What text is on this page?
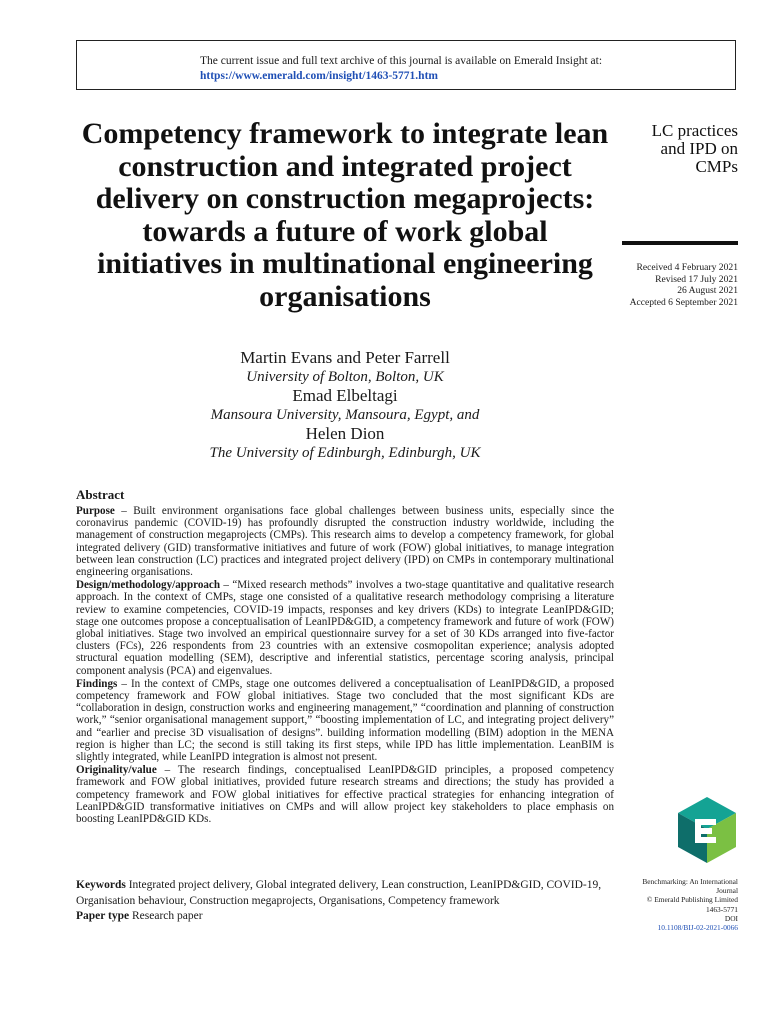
The current issue and full text archive of this journal is available on Emerald Insight at:
https://www.emerald.com/insight/1463-5771.htm
Competency framework to integrate lean construction and integrated project delivery on construction megaprojects: towards a future of work global initiatives in multinational engineering organisations
LC practices
and IPD on
CMPs
Received 4 February 2021
Revised 17 July 2021
26 August 2021
Accepted 6 September 2021
Martin Evans and Peter Farrell
University of Bolton, Bolton, UK
Emad Elbeltagi
Mansoura University, Mansoura, Egypt, and
Helen Dion
The University of Edinburgh, Edinburgh, UK
Abstract

Purpose – Built environment organisations face global challenges between business units, especially since the coronavirus pandemic (COVID-19) has profoundly disrupted the construction industry worldwide, including the management of construction megaprojects (CMPs). This research aims to develop a competency framework, for global integrated delivery (GID) transformative initiatives and future of work (FOW) global initiatives, to manage integration between lean construction (LC) practices and integrated project delivery (IPD) on CMPs in contemporary multinational engineering organisations.

Design/methodology/approach – “Mixed research methods” involves a two-stage quantitative and qualitative research approach. In the context of CMPs, stage one consisted of a qualitative research methodology comprising a literature review to examine competencies, COVID-19 impacts, responses and key drivers (KDs) to integrate LeanIPD&GID; stage one outcomes propose a conceptualisation of LeanIPD&GID, a competency framework and future of work (FOW) global initiatives. Stage two involved an empirical questionnaire survey for a set of 30 KDs arranged into five-factor clusters (FCs), 226 respondents from 23 countries with an extensive cosmopolitan experience; analysis adopted structural equation modelling (SEM), descriptive and inferential statistics, percentage scoring analysis, principal component analysis (PCA) and eigenvalues.

Findings – In the context of CMPs, stage one outcomes delivered a conceptualisation of LeanIPD&GID, a proposed competency framework and FOW global initiatives. Stage two concluded that the most significant KDs are “collaboration in design, construction works and engineering management,” “coordination and planning of construction work,” “senior organisational management support,” “boosting implementation of LC, and integrating project delivery” and “earlier and precise 3D visualisation of designs”. building information modelling (BIM) adoption in the MENA region is higher than LC; the second is still taking its first steps, while IPD has little implementation. LeanBIM is slightly integrated, while LeanIPD integration is almost not present.

Originality/value – The research findings, conceptualised LeanIPD&GID principles, a proposed competency framework and FOW global initiatives, provided future research streams and directions; the study has provided a competency framework and FOW global initiatives for effective practical strategies for enhancing integration of LeanIPD&GID transformative initiatives on CMPs and will allow project key stakeholders to place emphasis on boosting LeanIPD&GID KDs.

Keywords Integrated project delivery, Global integrated delivery, Lean construction, LeanIPD&GID, COVID-19, Organisation behaviour, Construction megaprojects, Organisations, Competency framework

Paper type Research paper

Benchmarking: An International
Journal
© Emerald Publishing Limited
1463-5771
DOI
10.1108/BIJ-02-2021-0066
